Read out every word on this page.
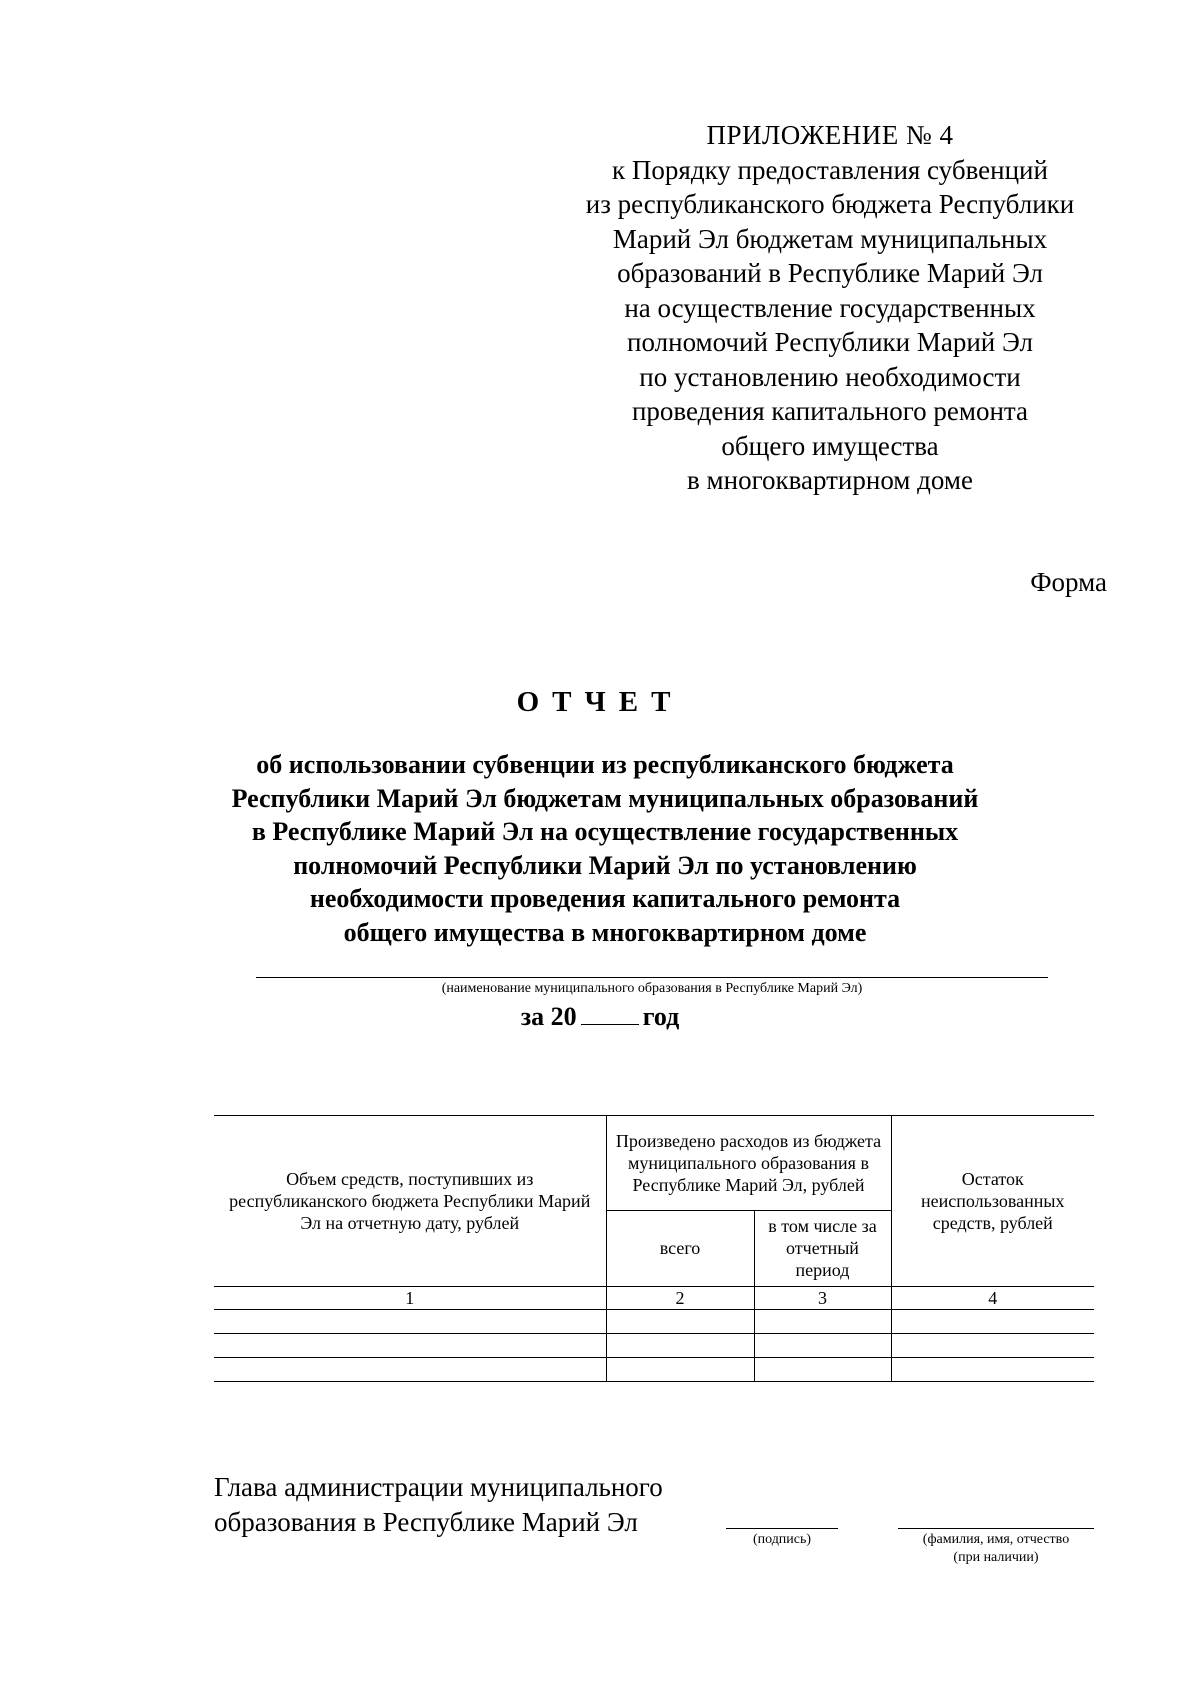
ПРИЛОЖЕНИЕ № 4
к Порядку предоставления субвенций
из республиканского бюджета Республики
Марий Эл бюджетам муниципальных
образований в Республике Марий Эл
на осуществление государственных
полномочий Республики Марий Эл
по установлению необходимости
проведения капитального ремонта
общего имущества
в многоквартирном доме
Форма
ОТЧЕТ
об использовании субвенции из республиканского бюджета
Республики Марий Эл бюджетам муниципальных образований
в Республике Марий Эл на осуществление государственных
полномочий Республики Марий Эл по установлению
необходимости проведения капитального ремонта
общего имущества в многоквартирном доме
(наименование муниципального образования в Республике Марий Эл)
за 20	год
Объем средств, поступивших из республиканского бюджета Республики Марий Эл на отчетную дату, рублей	Произведено расходов из бюджета муниципального образования в Республике Марий Эл, рублей		Остаток неиспользованных средств, рублей
	всего	в том числе за отчетный период	
1	2	3	4

Глава администрации муниципального
образования в Республике Марий Эл
(подпись)	(фамилия, имя, отчество
(при наличии)
